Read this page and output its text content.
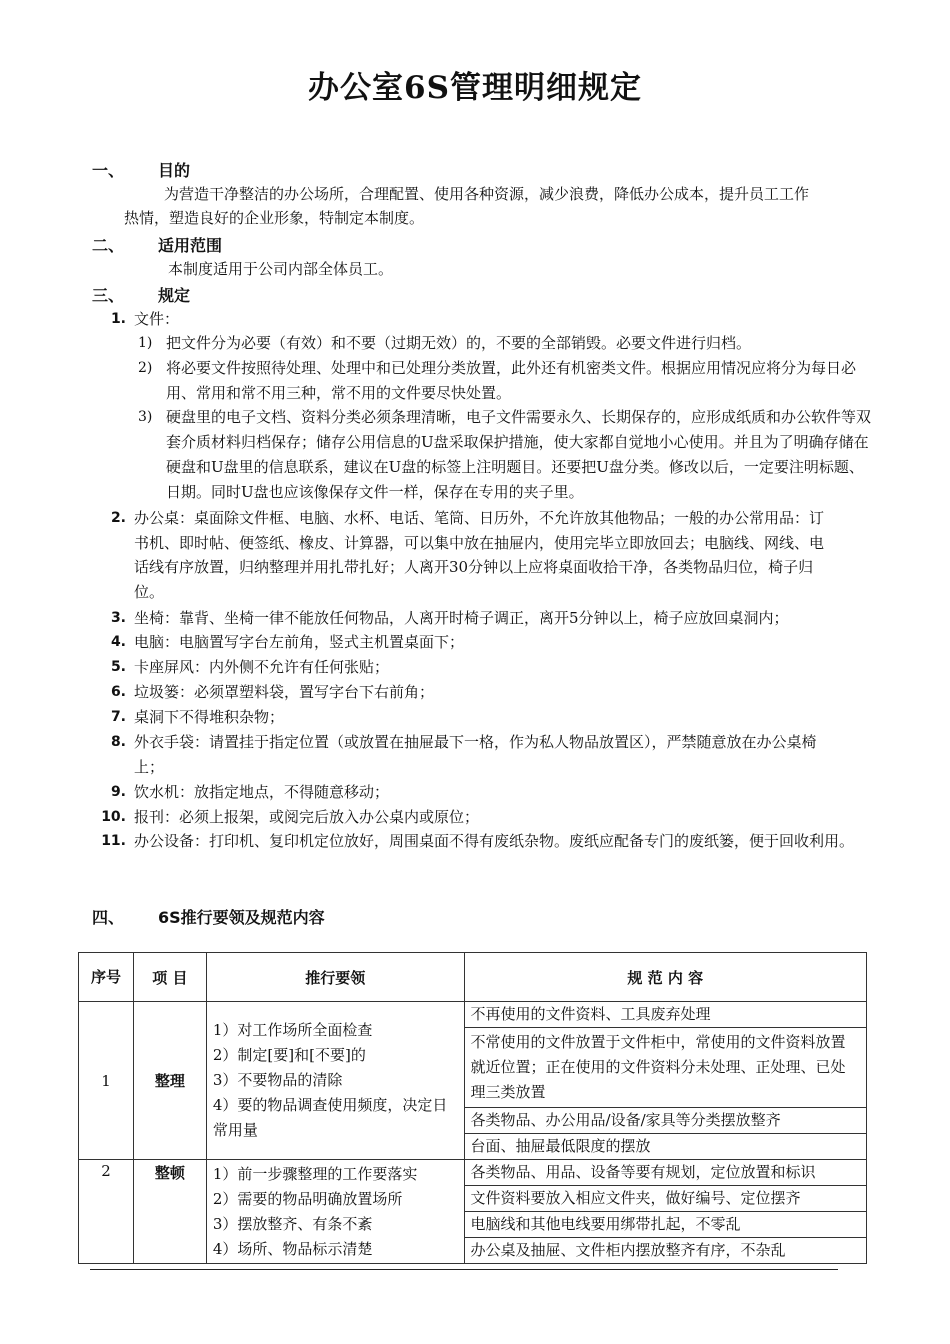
办公室6S管理明细规定
一、 目的
为营造干净整洁的办公场所，合理配置、使用各种资源，减少浪费，降低办公成本，提升员工工作
热情，塑造良好的企业形象，特制定本制度。
二、 适用范围
本制度适用于公司内部全体员工。
三、 规定
1. 文件：
1) 把文件分为必要（有效）和不要（过期无效）的，不要的全部销毁。必要文件进行归档。
2) 将必要文件按照待处理、处理中和已处理分类放置，此外还有机密类文件。根据应用情况应将分为每日必用、常用和常不用三种，常不用的文件要尽快处置。
3) 硬盘里的电子文档、资料分类必须条理清晰，电子文件需要永久、长期保存的，应形成纸质和办公软件等双套介质材料归档保存；储存公用信息的U盘采取保护措施，使大家都自觉地小心使用。并且为了明确存储在硬盘和U盘里的信息联系，建议在U盘的标签上注明题目。还要把U盘分类。修改以后，一定要注明标题、日期。同时U盘也应该像保存文件一样，保存在专用的夹子里。
2. 办公桌：桌面除文件框、电脑、水杯、电话、笔筒、日历外，不允许放其他物品；一般的办公常用品：订书机、即时帖、便签纸、橡皮、计算器，可以集中放在抽屉内，使用完毕立即放回去；电脑线、网线、电话线有序放置，归纳整理并用扎带扎好；人离开30分钟以上应将桌面收拾干净，各类物品归位，椅子归位。
3. 坐椅：靠背、坐椅一律不能放任何物品，人离开时椅子调正，离开5分钟以上，椅子应放回桌洞内；
4. 电脑：电脑置写字台左前角，竖式主机置桌面下；
5. 卡座屏风：内外侧不允许有任何张贴；
6. 垃圾篓：必须罩塑料袋，置写字台下右前角；
7. 桌洞下不得堆积杂物；
8. 外衣手袋：请置挂于指定位置（或放置在抽屉最下一格，作为私人物品放置区），严禁随意放在办公桌椅上；
9. 饮水机：放指定地点，不得随意移动；
10. 报刊：必须上报架，或阅完后放入办公桌内或原位；
11. 办公设备：打印机、复印机定位放好，周围桌面不得有废纸杂物。废纸应配备专门的废纸篓，便于回收利用。
四、 6S推行要领及规范内容
序号	项 目	推行要领	规 范 内 容
1	整理	1）对工作场所全面检查
2）制定[要]和[不要]的
3）不要物品的清除
4）要的物品调查使用频度，决定日常用量	不再使用的文件资料、工具废弃处理
			不常使用的文件放置于文件柜中，常使用的文件资料放置就近位置；正在使用的文件资料分未处理、正处理、已处理三类放置
			各类物品、办公用品/设备/家具等分类摆放整齐
			台面、抽屉最低限度的摆放
2	整顿	1）前一步骤整理的工作要落实
2）需要的物品明确放置场所
3）摆放整齐、有条不紊
4）场所、物品标示清楚	各类物品、用品、设备等要有规划，定位放置和标识
			文件资料要放入相应文件夹，做好编号、定位摆齐
			电脑线和其他电线要用绑带扎起，不零乱
			办公桌及抽屉、文件柜内摆放整齐有序，不杂乱
